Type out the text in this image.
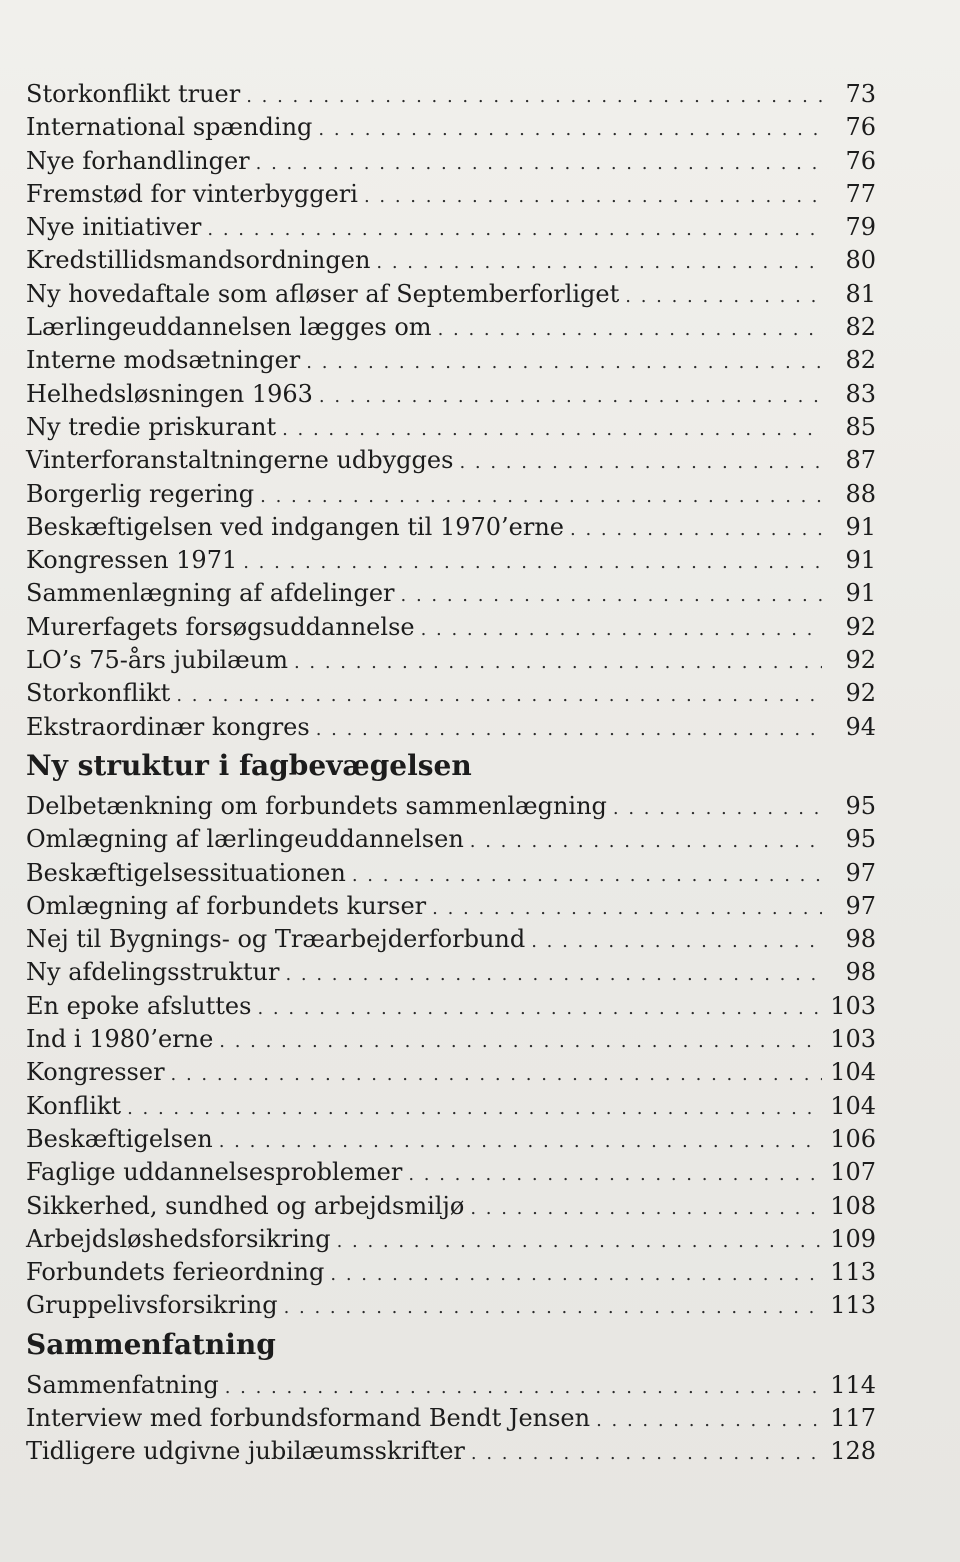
Storkonflikt truer . . .	73
International spænding . . .	76
Nye forhandlinger . . .	76
Fremstød for vinterbyggeri . . .	77
Nye initiativer . . .	79
Kredstillidsmandsordningen . . .	80
Ny hovedaftale som afløser af Septemberforliget . . .	81
Lærlingeuddannelsen lægges om . . .	82
Interne modsætninger . . .	82
Helhedsløsningen 1963 . . .	83
Ny tredie priskurant . . .	85
Vinterforanstaltningerne udbygges . . .	87
Borgerlig regering . . .	88
Beskæftigelsen ved indgangen til 1970’erne . . .	91
Kongressen 1971 . . .	91
Sammenlægning af afdelinger . . .	91
Murerfagets forsøgsuddannelse . . .	92
LO’s 75-års jubilæum . . .	92
Storkonflikt . . .	92
Ekstraordinær kongres . . .	94
Ny struktur i fagbevægelsen
Delbetænkning om forbundets sammenlægning . . .	95
Omlægning af lærlingeuddannelsen . . .	95
Beskæftigelsessituationen . . .	97
Omlægning af forbundets kurser . . .	97
Nej til Bygnings- og Træarbejderforbund . . .	98
Ny afdelingsstruktur . . .	98
En epoke afsluttes . . .	103
Ind i 1980’erne . . .	103
Kongresser . . .	104
Konflikt . . .	104
Beskæftigelsen . . .	106
Faglige uddannelsesproblemer . . .	107
Sikkerhed, sundhed og arbejdsmiljø . . .	108
Arbejdsløshedsforsikring . . .	109
Forbundets ferieordning . . .	113
Gruppelivsforsikring . . .	113
Sammenfatning
Sammenfatning . . .	114
Interview med forbundsformand Bendt Jensen . . .	117
Tidligere udgivne jubilæumsskrifter . . .	128
